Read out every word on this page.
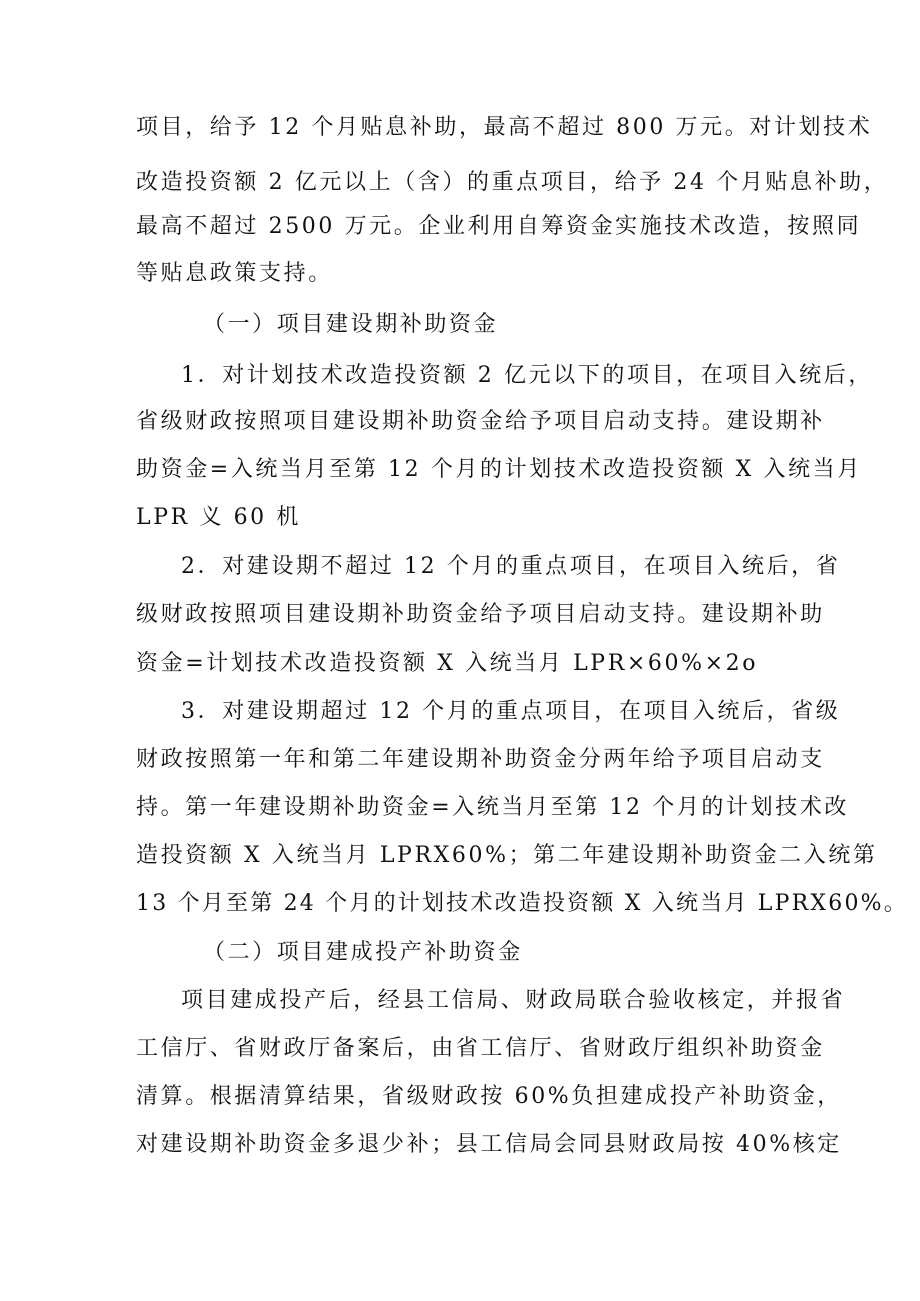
项目，给予 12 个月贴息补助，最高不超过 800 万元。对计划技术
改造投资额 2 亿元以上（含）的重点项目，给予 24 个月贴息补助，
最高不超过 2500 万元。企业利用自筹资金实施技术改造，按照同
等贴息政策支持。
（一）项目建设期补助资金
1．对计划技术改造投资额 2 亿元以下的项目，在项目入统后，
省级财政按照项目建设期补助资金给予项目启动支持。建设期补
助资金=入统当月至第 12 个月的计划技术改造投资额 X 入统当月
LPR 义 60 机
2．对建设期不超过 12 个月的重点项目，在项目入统后，省
级财政按照项目建设期补助资金给予项目启动支持。建设期补助
资金=计划技术改造投资额 X 入统当月 LPR×60%×2o
3．对建设期超过 12 个月的重点项目，在项目入统后，省级
财政按照第一年和第二年建设期补助资金分两年给予项目启动支
持。第一年建设期补助资金=入统当月至第 12 个月的计划技术改
造投资额 X 入统当月 LPRX60%；第二年建设期补助资金二入统第
13 个月至第 24 个月的计划技术改造投资额 X 入统当月 LPRX60%。
（二）项目建成投产补助资金
项目建成投产后，经县工信局、财政局联合验收核定，并报省
工信厅、省财政厅备案后，由省工信厅、省财政厅组织补助资金
清算。根据清算结果，省级财政按 60%负担建成投产补助资金，
对建设期补助资金多退少补；县工信局会同县财政局按 40%核定
